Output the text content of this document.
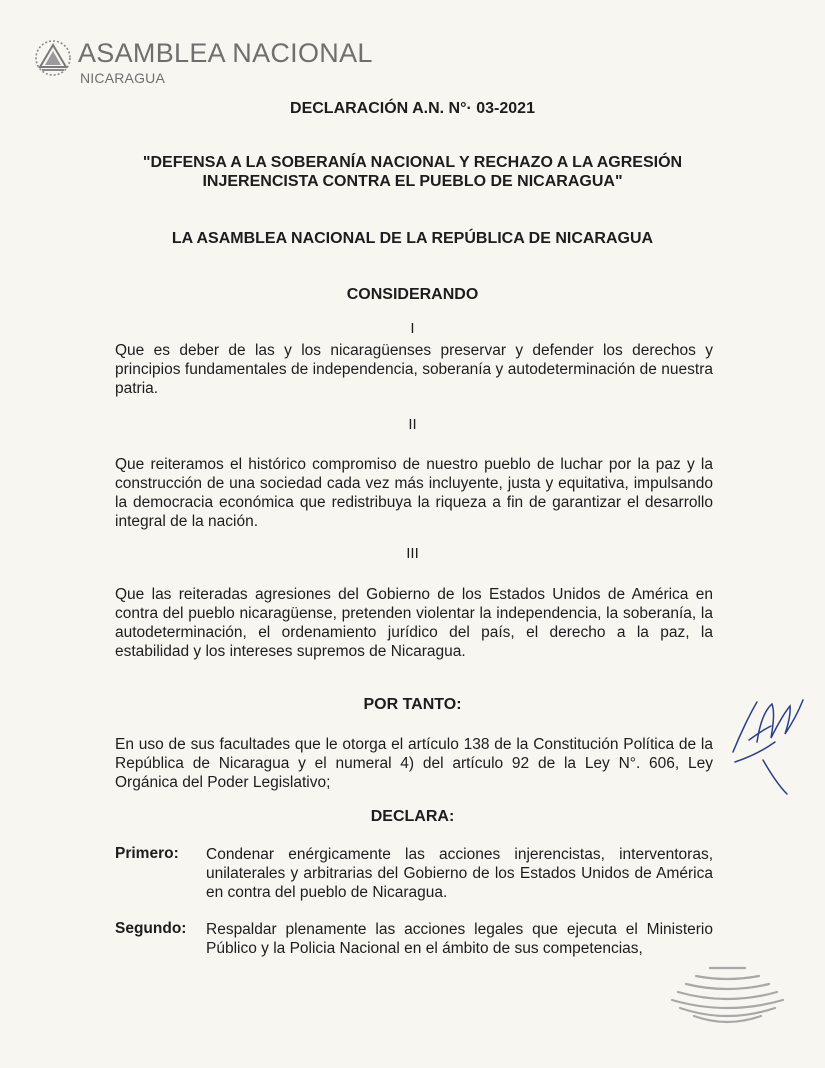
ASAMBLEA NACIONAL
NICARAGUA
DECLARACIÓN A.N. N°· 03-2021
"DEFENSA A LA SOBERANÍA NACIONAL Y RECHAZO A LA AGRESIÓN
INJERENCISTA CONTRA EL PUEBLO DE NICARAGUA"
LA ASAMBLEA NACIONAL DE LA REPÚBLICA DE NICARAGUA
CONSIDERANDO
I
Que es deber de las y los nicaragüenses preservar y defender los derechos y principios fundamentales de independencia, soberanía y autodeterminación de nuestra patria.
II
Que reiteramos el histórico compromiso de nuestro pueblo de luchar por la paz y la construcción de una sociedad cada vez más incluyente, justa y equitativa, impulsando la democracia económica que redistribuya la riqueza a fin de garantizar el desarrollo integral de la nación.
III
Que las reiteradas agresiones del Gobierno de los Estados Unidos de América en contra del pueblo nicaragüense, pretenden violentar la independencia, la soberanía, la autodeterminación, el ordenamiento jurídico del país, el derecho a la paz, la estabilidad y los intereses supremos de Nicaragua.
POR TANTO:
En uso de sus facultades que le otorga el artículo 138 de la Constitución Política de la República de Nicaragua y el numeral 4) del artículo 92 de la Ley N°. 606, Ley Orgánica del Poder Legislativo;
DECLARA:
Primero: Condenar enérgicamente las acciones injerencistas, interventoras, unilaterales y arbitrarias del Gobierno de los Estados Unidos de América en contra del pueblo de Nicaragua.
Segundo: Respaldar plenamente las acciones legales que ejecuta el Ministerio Público y la Policia Nacional en el ámbito de sus competencias,
